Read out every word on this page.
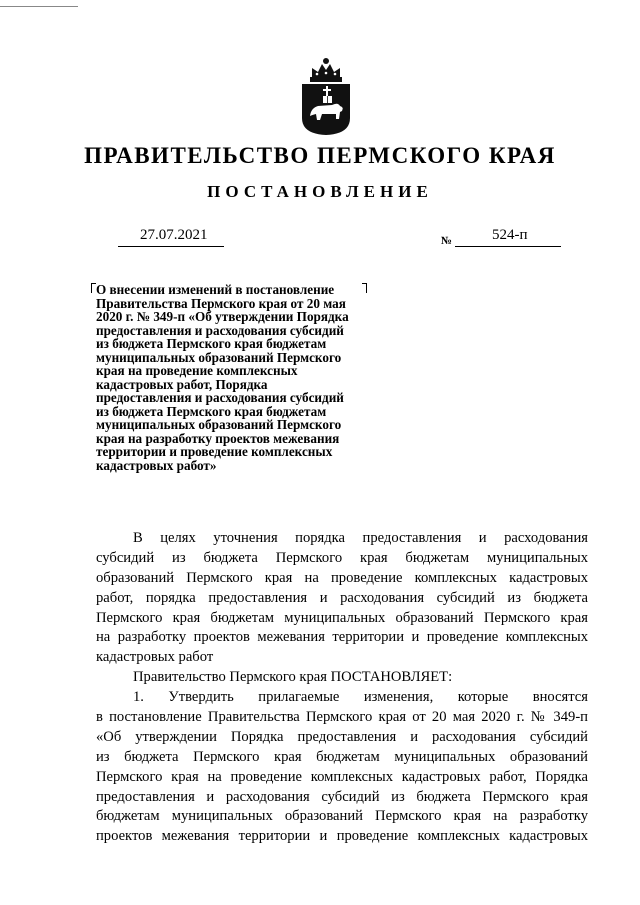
ПРАВИТЕЛЬСТВО ПЕРМСКОГО КРАЯ
ПОСТАНОВЛЕНИЕ
27.07.2021	№	524-п
О внесении изменений в постановление
Правительства Пермского края от 20 мая
2020 г. № 349-п «Об утверждении Порядка
предоставления и расходования субсидий
из бюджета Пермского края бюджетам
муниципальных образований Пермского
края на проведение комплексных
кадастровых работ, Порядка
предоставления и расходования субсидий
из бюджета Пермского края бюджетам
муниципальных образований Пермского
края на разработку проектов межевания
территории и проведение комплексных
кадастровых работ»
В целях уточнения порядка предоставления и расходования
субсидий из бюджета Пермского края бюджетам муниципальных
образований Пермского края на проведение комплексных кадастровых
работ, порядка предоставления и расходования субсидий из бюджета
Пермского края бюджетам муниципальных образований Пермского края
на разработку проектов межевания территории и проведение комплексных
кадастровых работ
Правительство Пермского края ПОСТАНОВЛЯЕТ:
1. Утвердить прилагаемые изменения, которые вносятся
в постановление Правительства Пермского края от 20 мая 2020 г. № 349-п
«Об утверждении Порядка предоставления и расходования субсидий
из бюджета Пермского края бюджетам муниципальных образований
Пермского края на проведение комплексных кадастровых работ, Порядка
предоставления и расходования субсидий из бюджета Пермского края
бюджетам муниципальных образований Пермского края на разработку
проектов межевания территории и проведение комплексных кадастровых
